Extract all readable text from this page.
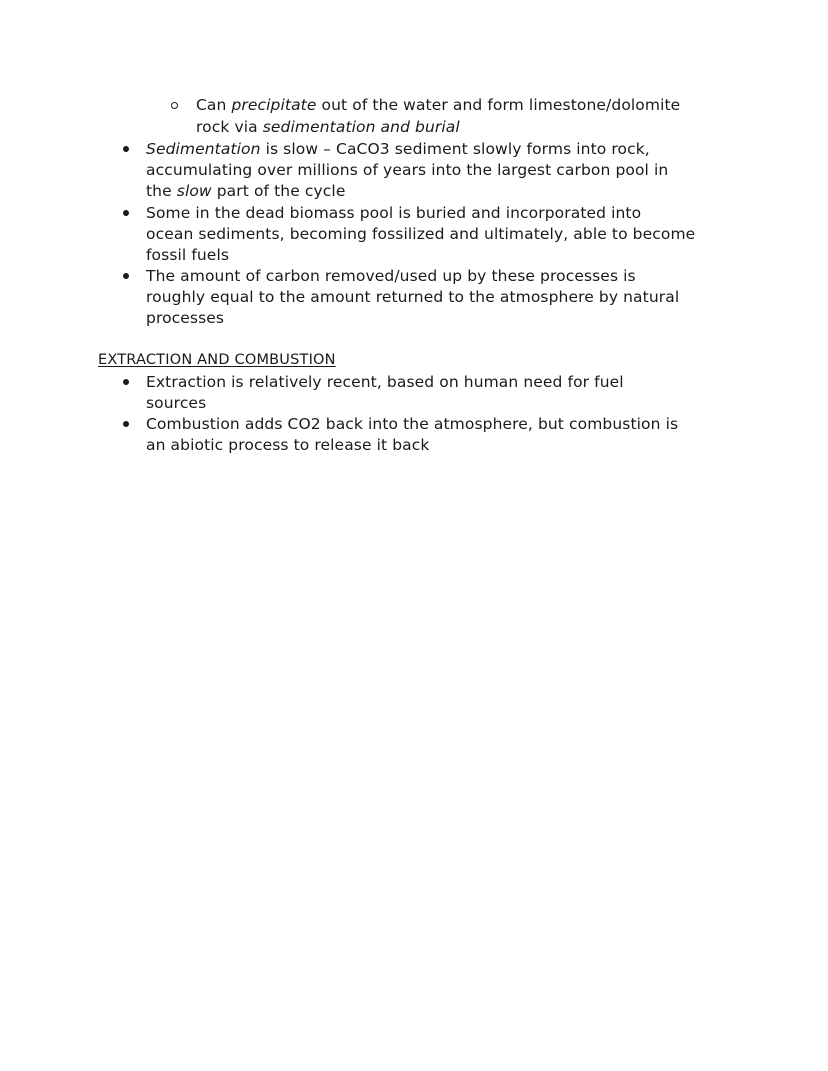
Can precipitate out of the water and form limestone/dolomite
rock via sedimentation and burial
Sedimentation is slow – CaCO3 sediment slowly forms into rock,
accumulating over millions of years into the largest carbon pool in
the slow part of the cycle
Some in the dead biomass pool is buried and incorporated into
ocean sediments, becoming fossilized and ultimately, able to become
fossil fuels
The amount of carbon removed/used up by these processes is
roughly equal to the amount returned to the atmosphere by natural
processes
EXTRACTION AND COMBUSTION
Extraction is relatively recent, based on human need for fuel
sources
Combustion adds CO2 back into the atmosphere, but combustion is
an abiotic process to release it back
